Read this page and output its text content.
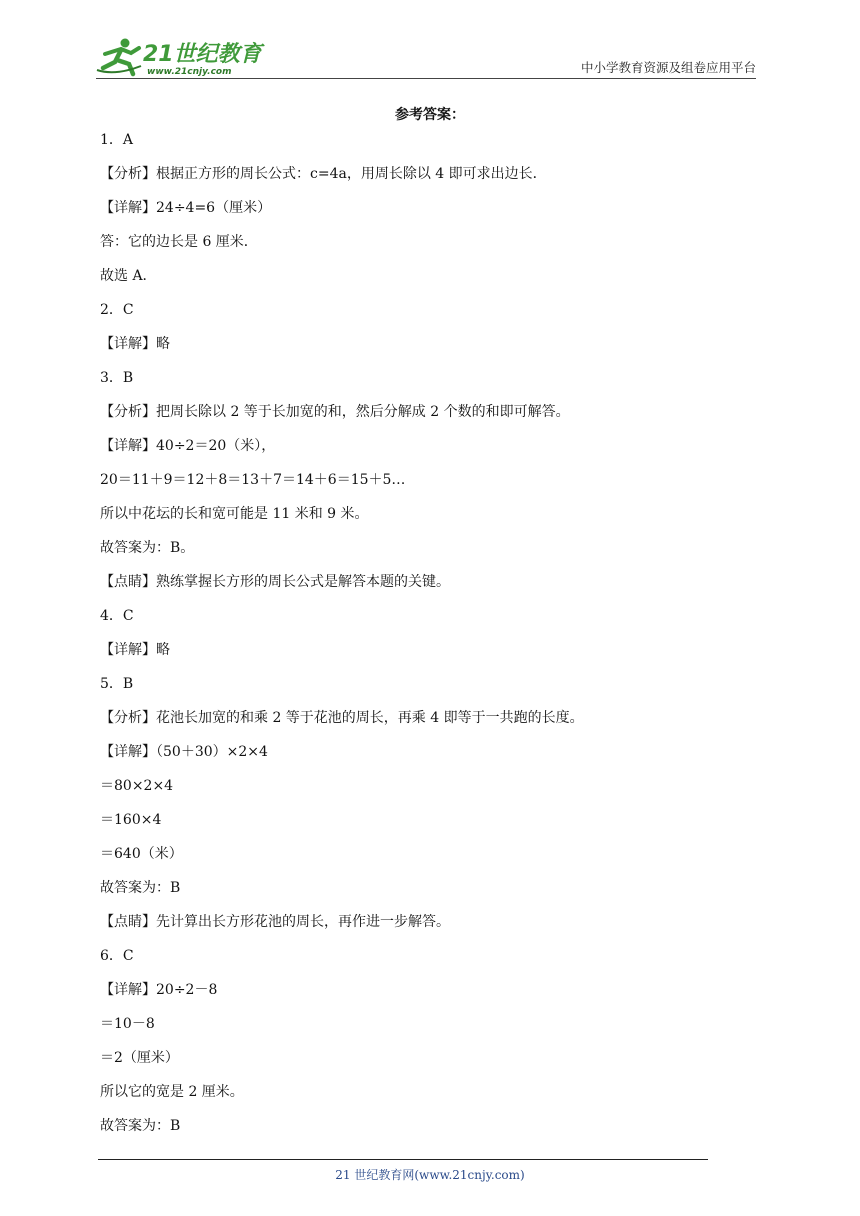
21世纪教育
www.21cnjy.com	中小学教育资源及组卷应用平台
参考答案：
1．A
【分析】根据正方形的周长公式：c=4a，用周长除以 4 即可求出边长．
【详解】24÷4=6（厘米）
答：它的边长是 6 厘米．
故选 A．
2．C
【详解】略
3．B
【分析】把周长除以 2 等于长加宽的和，然后分解成 2 个数的和即可解答。
【详解】40÷2＝20（米），
20＝11＋9＝12＋8＝13＋7＝14＋6＝15＋5…
所以中花坛的长和宽可能是 11 米和 9 米。
故答案为：B。
【点睛】熟练掌握长方形的周长公式是解答本题的关键。
4．C
【详解】略
5．B
【分析】花池长加宽的和乘 2 等于花池的周长，再乘 4 即等于一共跑的长度。
【详解】（50＋30）×2×4
＝80×2×4
＝160×4
＝640（米）
故答案为：B
【点睛】先计算出长方形花池的周长，再作进一步解答。
6．C
【详解】20÷2－8
＝10－8
＝2（厘米）
所以它的宽是 2 厘米。
故答案为：B
21 世纪教育网(www.21cnjy.com)
